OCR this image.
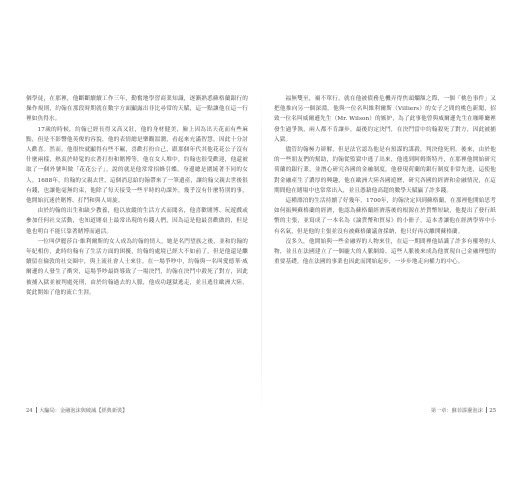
個學徒，在那裡，他斷斷續續工作三年，勤奮地學習商業知識，逐漸熟悉蘇格蘭銀行的操作規則，約翰在那段時期就在數字方面顯露出非比尋常的天賦，這一點讓他在這一行裡如魚得水。

17歲的時候，約翰已經長得又高又壯，他的身材健美，臉上因為出天花而有些麻點，但是不影響他英俊的容貌，他的表情總是樂觀溫潤，看起來充滿智慧，因此十分討人歡喜。然而，他很快就顯得有些不羈，喜歡打扮自己，跟那個年代其他花花公子沒有什麼兩樣，熱衷於時髦的衣著打扮和賭博等，他在女人堆中，約翰也很受歡迎，他還被取了一個外號叫做「花花公子」，說的就是他常常招蜂引蝶，身邊總是圍繞著不同的女人。1688年，約翰的父親去世，這個消息給約翰帶來了一筆遺產，讓約翰父親去世後很有錢，也讓他毫無約束，他除了每天接受一些平時的功課外，幾乎沒有什麼特別的事，他開始沉迷於賭博、打鬥和與人周旋。

由於約翰的出生和缺少教養，他以放縱的生活方式而聞名，他喜歡賭博、玩遊戲或參加任何社交活動，也知道賭桌上最常出現的有錢人們，因為這是他最喜歡做的，但是他也明白不能只靠著賭博而過活。

一位叫伊麗莎白·維利爾斯的女人成為約翰的情人，她是名門望族之後，並和約翰的年紀相仿，此時約翰有了生活方面的困擾，約翰的處境已經大不如前了，但是他還是繼續留在倫敦的社交圈中，與上流社會人士來往。在一場爭吵中，約翰與一名叫愛德華·威爾遜的人發生了衝突，這場爭吵最終導致了一場決鬥，約翰在決鬥中殺死了對方，因此被捕入獄並被判處死刑，由於約翰過去的人脈，他成功越獄逃走，並且逃往歐洲大陸，從此開始了他的流亡生涯。

24 大騙局：金融泡沫與破滅【經典新裝】

福無雙至，禍不單行，就在他被債務危機弄得焦頭爛額之際，一個「桃色事件」又把他推向另一個深淵。他與一位名叫維利爾斯（Villiers）的女子之間的桃色新聞，招致一位名叫威爾遜先生（Mr. Wilson）的嫉妒，為了此事他曾與威爾遜先生在咖啡廳裡發生過爭執，兩人都不肯讓步，最後約定決鬥，在決鬥當中約翰殺死了對方，因此被捕入獄。

儘管約翰極力辯解，但是法官認為他是有預謀的謀殺，判決他死刑。後來，由於他的一些朋友們的幫助，約翰從監獄中逃了出來，他逃到阿姆斯特丹，在那裡他開始研究荷蘭的銀行業，並潛心研究各國的金融制度，他發現荷蘭的銀行制度非常先進，這使他對金融產生了濃厚的興趣，他在歐洲大陸各國遊歷，研究各國的經濟和金融情況，在這期間他在賭場中也常常出入，並且憑藉他高超的數學天賦贏了許多錢。

這種漂泊的生活持續了好幾年，1700年，約翰決定回到蘇格蘭，在那裡他開始思考如何振興蘇格蘭的經濟，他認為蘇格蘭經濟落後的根源在於貨幣短缺，他提出了發行紙幣的主張，並寫成了一本名為《論貨幣和貿易》的小冊子，這本書讓他在經濟學界中小有名氣，但是他的主張並沒有被蘇格蘭議會採納，他只好再次離開蘇格蘭。

沒多久，他開始與一些金融界的人物來往，在這一期間裡他結識了許多有權勢的人物，並且在法國建立了一個龐大的人脈網絡，這些人脈後來成為他實現自己金融理想的重要基礎，他在法國的事業也因此而開始起步，一步步地走向權力的中心。

第一章：蘇菲霹靂泡沫 25
